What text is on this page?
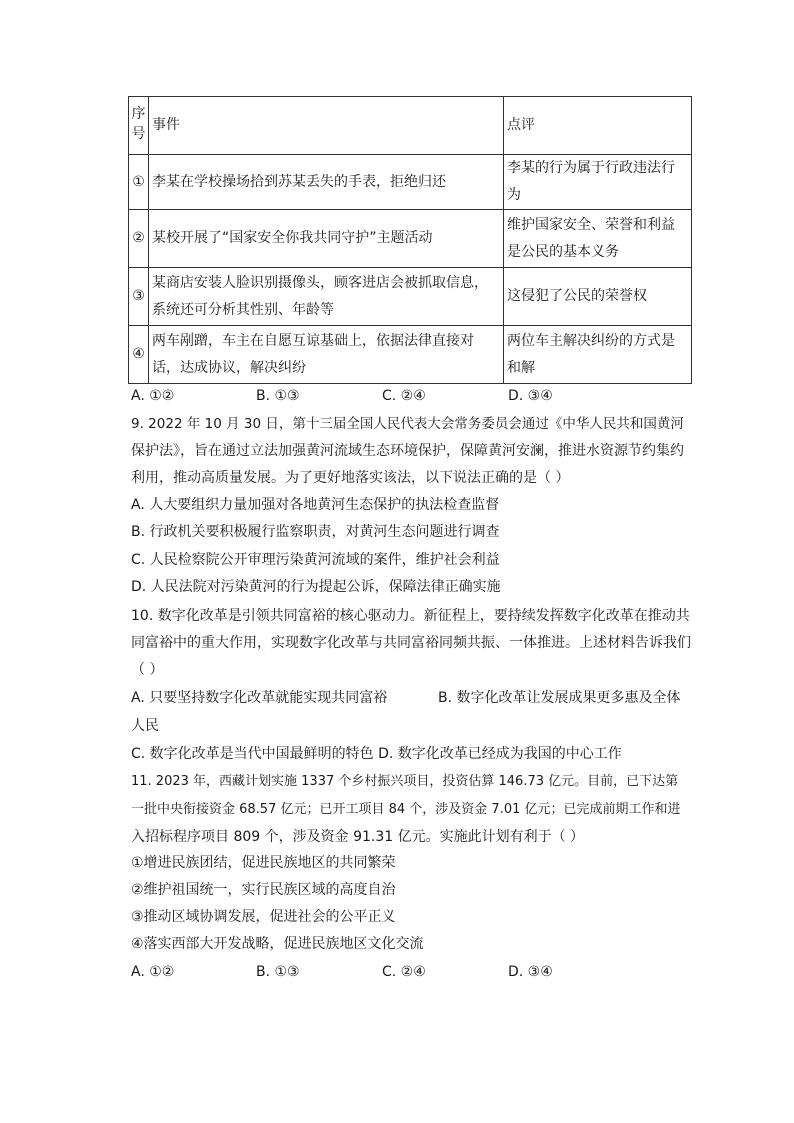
序号	事件	点评
①	李某在学校操场拾到苏某丢失的手表，拒绝归还	李某的行为属于行政违法行为
②	某校开展了“国家安全你我共同守护”主题活动	维护国家安全、荣誉和利益是公民的基本义务
③	某商店安装人脸识别摄像头，顾客进店会被抓取信息，系统还可分析其性别、年龄等	这侵犯了公民的荣誉权
④	两车剐蹭，车主在自愿互谅基础上，依据法律直接对话，达成协议，解决纠纷	两位车主解决纠纷的方式是和解
A. ①②	B. ①③	C. ②④	D. ③④
9. 2022 年 10 月 30 日，第十三届全国人民代表大会常务委员会通过《中华人民共和国黄河
保护法》，旨在通过立法加强黄河流域生态环境保护，保障黄河安澜，推进水资源节约集约
利用，推动高质量发展。为了更好地落实该法，以下说法正确的是（ ）
A. 人大要组织力量加强对各地黄河生态保护的执法检查监督
B. 行政机关要积极履行监察职责，对黄河生态问题进行调查
C. 人民检察院公开审理污染黄河流域的案件，维护社会利益
D. 人民法院对污染黄河的行为提起公诉，保障法律正确实施
10. 数字化改革是引领共同富裕的核心驱动力。新征程上，要持续发挥数字化改革在推动共
同富裕中的重大作用，实现数字化改革与共同富裕同频共振、一体推进。上述材料告诉我们
（ ）
A. 只要坚持数字化改革就能实现共同富裕	B. 数字化改革让发展成果更多惠及全体
人民
C. 数字化改革是当代中国最鲜明的特色 D. 数字化改革已经成为我国的中心工作
11. 2023 年，西藏计划实施 1337 个乡村振兴项目，投资估算 146.73 亿元。目前，已下达第
一批中央衔接资金 68.57 亿元；已开工项目 84 个，涉及资金 7.01 亿元；已完成前期工作和进
入招标程序项目 809 个，涉及资金 91.31 亿元。实施此计划有利于（ ）
①增进民族团结，促进民族地区的共同繁荣
②维护祖国统一，实行民族区域的高度自治
③推动区域协调发展，促进社会的公平正义
④落实西部大开发战略，促进民族地区文化交流
A. ①②	B. ①③	C. ②④	D. ③④
